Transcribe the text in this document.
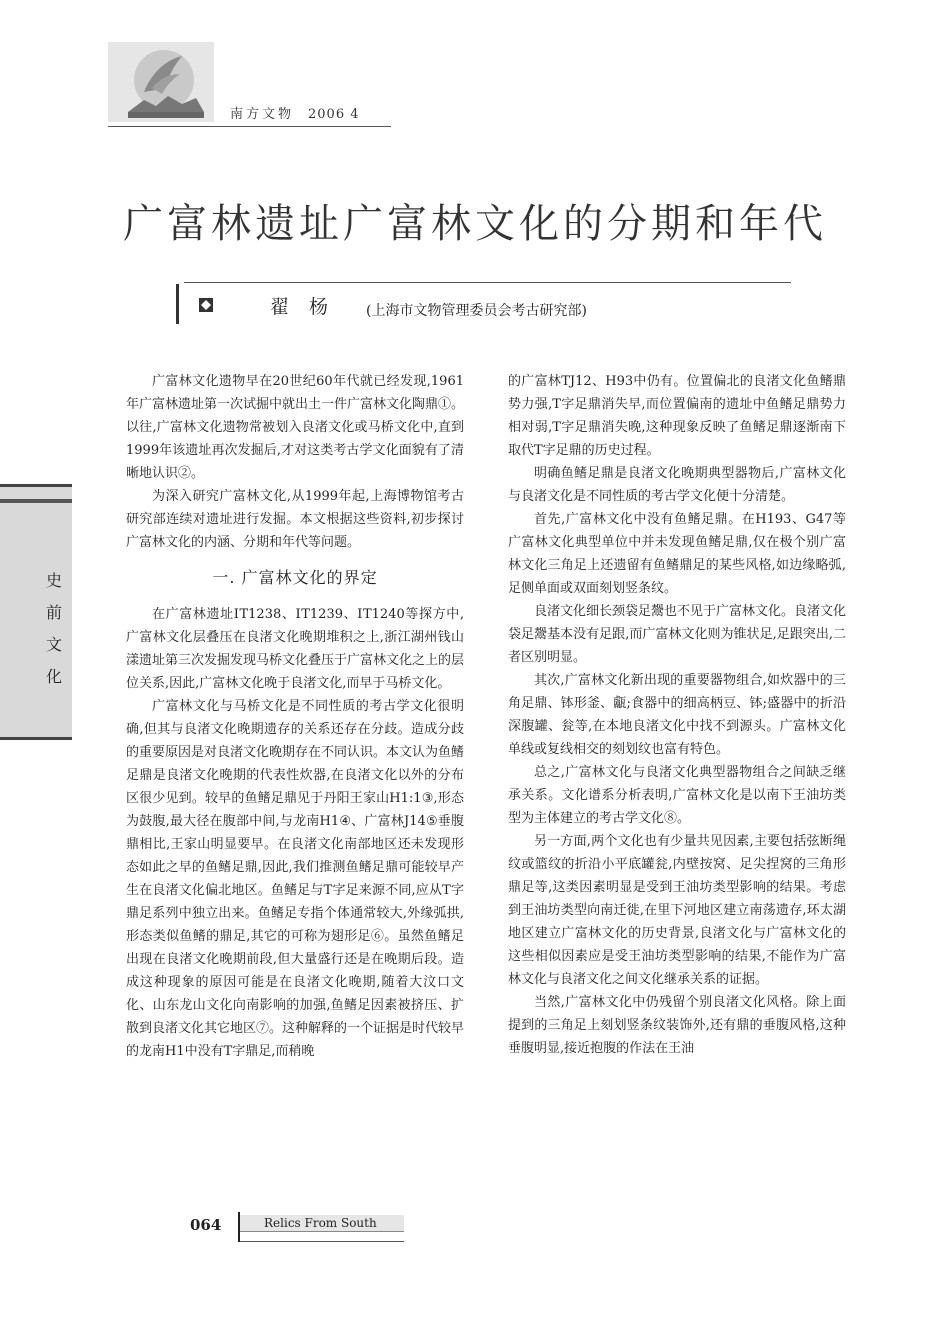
南方文物 2006 4
史
前
文
化
广富林遗址广富林文化的分期和年代
翟杨 (上海市文物管理委员会考古研究部)

广富林文化遗物早在20世纪60年代就已经发现,1961年广富林遗址第一次试掘中就出土一件广富林文化陶鼎①。以往,广富林文化遗物常被划入良渚文化或马桥文化中,直到1999年该遗址再次发掘后,才对这类考古学文化面貌有了清晰地认识②。

为深入研究广富林文化,从1999年起,上海博物馆考古研究部连续对遗址进行发掘。本文根据这些资料,初步探讨广富林文化的内涵、分期和年代等问题。

一. 广富林文化的界定

在广富林遗址ⅠT1238、ⅠT1239、ⅠT1240等探方中,广富林文化层叠压在良渚文化晚期堆积之上,浙江湖州钱山漾遗址第三次发掘发现马桥文化叠压于广富林文化之上的层位关系,因此,广富林文化晚于良渚文化,而早于马桥文化。

广富林文化与马桥文化是不同性质的考古学文化很明确,但其与良渚文化晚期遗存的关系还存在分歧。造成分歧的重要原因是对良渚文化晚期存在不同认识。本文认为鱼鳍足鼎是良渚文化晚期的代表性炊器,在良渚文化以外的分布区很少见到。较早的鱼鳍足鼎见于丹阳王家山H1:1③,形态为鼓腹,最大径在腹部中间,与龙南H1④、广富林J14⑤垂腹鼎相比,王家山明显要早。在良渚文化南部地区还未发现形态如此之早的鱼鳍足鼎,因此,我们推测鱼鳍足鼎可能较早产生在良渚文化偏北地区。鱼鳍足与T字足来源不同,应从T字鼎足系列中独立出来。鱼鳍足专指个体通常较大,外缘弧拱,形态类似鱼鳍的鼎足,其它的可称为翅形足⑥。虽然鱼鳍足出现在良渚文化晚期前段,但大量盛行还是在晚期后段。造成这种现象的原因可能是在良渚文化晚期,随着大汶口文化、山东龙山文化向南影响的加强,鱼鳍足因素被挤压、扩散到良渚文化其它地区⑦。这种解释的一个证据是时代较早的龙南H1中没有T字鼎足,而稍晚

的广富林TJ12、H93中仍有。位置偏北的良渚文化鱼鳍鼎势力强,T字足鼎消失早,而位置偏南的遗址中鱼鳍足鼎势力相对弱,T字足鼎消失晚,这种现象反映了鱼鳍足鼎逐渐南下取代T字足鼎的历史过程。

明确鱼鳍足鼎是良渚文化晚期典型器物后,广富林文化与良渚文化是不同性质的考古学文化便十分清楚。

首先,广富林文化中没有鱼鳍足鼎。在H193、G47等广富林文化典型单位中并未发现鱼鳍足鼎,仅在极个别广富林文化三角足上还遗留有鱼鳍鼎足的某些风格,如边缘略弧,足侧单面或双面刻划竖条纹。

良渚文化细长颈袋足鬶也不见于广富林文化。良渚文化袋足鬶基本没有足跟,而广富林文化则为锥状足,足跟突出,二者区别明显。

其次,广富林文化新出现的重要器物组合,如炊器中的三角足鼎、钵形釜、甗;食器中的细高柄豆、钵;盛器中的折沿深腹罐、瓮等,在本地良渚文化中找不到源头。广富林文化单线或复线相交的刻划纹也富有特色。

总之,广富林文化与良渚文化典型器物组合之间缺乏继承关系。文化谱系分析表明,广富林文化是以南下王油坊类型为主体建立的考古学文化⑧。

另一方面,两个文化也有少量共见因素,主要包括弦断绳纹或篮纹的折沿小平底罐瓮,内壁按窝、足尖捏窝的三角形鼎足等,这类因素明显是受到王油坊类型影响的结果。考虑到王油坊类型向南迁徙,在里下河地区建立南荡遗存,环太湖地区建立广富林文化的历史背景,良渚文化与广富林文化的这些相似因素应是受王油坊类型影响的结果,不能作为广富林文化与良渚文化之间文化继承关系的证据。

当然,广富林文化中仍残留个别良渚文化风格。除上面提到的三角足上刻划竖条纹装饰外,还有鼎的垂腹风格,这种垂腹明显,接近抱腹的作法在王油

064	Relics From South
